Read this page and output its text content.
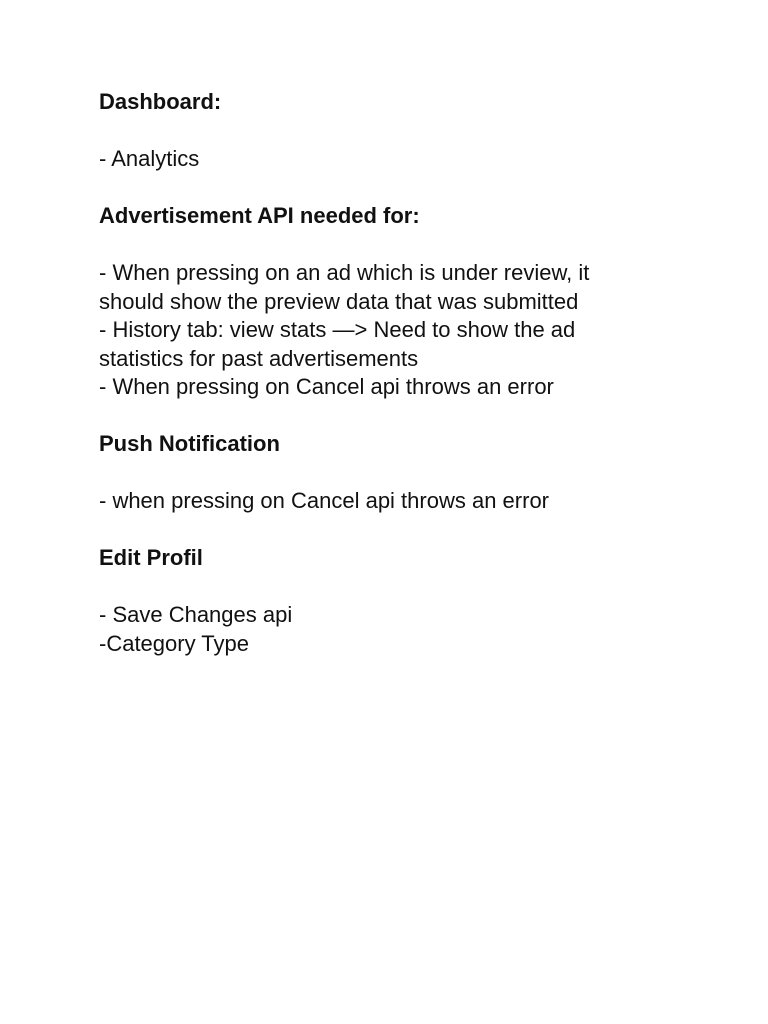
Dashboard:
- Analytics
Advertisement API needed for:
- When pressing on an ad which is under review, it
should show the preview data that was submitted
- History tab: view stats —> Need to show the ad
statistics for past advertisements
- When pressing on Cancel api throws an error
Push Notification
- when pressing on Cancel api throws an error
Edit Profil
- Save Changes api
-Category Type
